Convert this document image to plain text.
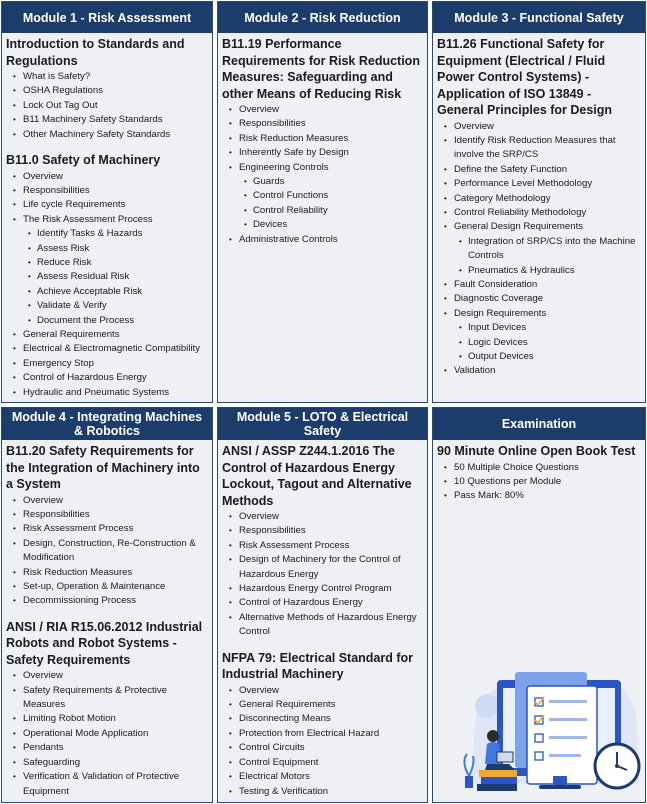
Module 1 - Risk Assessment
Introduction to Standards and Regulations
• What is Safety?
• OSHA Regulations
• Lock Out Tag Out
• B11 Machinery Safety Standards
• Other Machinery Safety Standards
B11.0 Safety of Machinery
• Overview
• Responsibilities
• Life cycle Requirements
• The Risk Assessment Process
• Identify Tasks & Hazards
• Assess Risk
• Reduce Risk
• Assess Residual Risk
• Achieve Acceptable Risk
• Validate & Verify
• Document the Process
• General Requirements
• Electrical & Electromagnetic Compatibility
• Emergency Stop
• Control of Hazardous Energy
• Hydraulic and Pneumatic Systems
Module 2 - Risk Reduction
B11.19 Performance Requirements for Risk Reduction Measures: Safeguarding and other Means of Reducing Risk
• Overview
• Responsibilities
• Risk Reduction Measures
• Inherently Safe by Design
• Engineering Controls
• Guards
• Control Functions
• Control Reliability
• Devices
• Administrative Controls
Module 3 - Functional Safety
B11.26 Functional Safety for Equipment (Electrical / Fluid Power Control Systems) - Application of ISO 13849 - General Principles for Design
• Overview
• Identify Risk Reduction Measures that involve the SRP/CS
• Define the Safety Function
• Performance Level Methodology
• Category Methodology
• Control Reliability Methodology
• General Design Requirements
• Integration of SRP/CS into the Machine Controls
• Pneumatics & Hydraulics
• Fault Consideration
• Diagnostic Coverage
• Design Requirements
• Input Devices
• Logic Devices
• Output Devices
• Validation
Module 4 - Integrating Machines & Robotics
B11.20 Safety Requirements for the Integration of Machinery into a System
• Overview
• Responsibilities
• Risk Assessment Process
• Design, Construction, Re-Construction & Modification
• Risk Reduction Measures
• Set-up, Operation & Maintenance
• Decommissioning Process
ANSI / RIA R15.06.2012 Industrial Robots and Robot Systems - Safety Requirements
• Overview
• Safety Requirements & Protective Measures
• Limiting Robot Motion
• Operational Mode Application
• Pendants
• Safeguarding
• Verification & Validation of Protective Equipment
Module 5 - LOTO & Electrical Safety
ANSI / ASSP Z244.1.2016 The Control of Hazardous Energy Lockout, Tagout and Alternative Methods
• Overview
• Responsibilities
• Risk Assessment Process
• Design of Machinery for the Control of Hazardous Energy
• Hazardous Energy Control Program
• Control of Hazardous Energy
• Alternative Methods of Hazardous Energy Control
NFPA 79: Electrical Standard for Industrial Machinery
• Overview
• General Requirements
• Disconnecting Means
• Protection from Electrical Hazard
• Control Circuits
• Control Equipment
• Electrical Motors
• Testing & Verification
Examination
90 Minute Online Open Book Test
• 50 Multiple Choice Questions
• 10 Questions per Module
• Pass Mark: 80%
